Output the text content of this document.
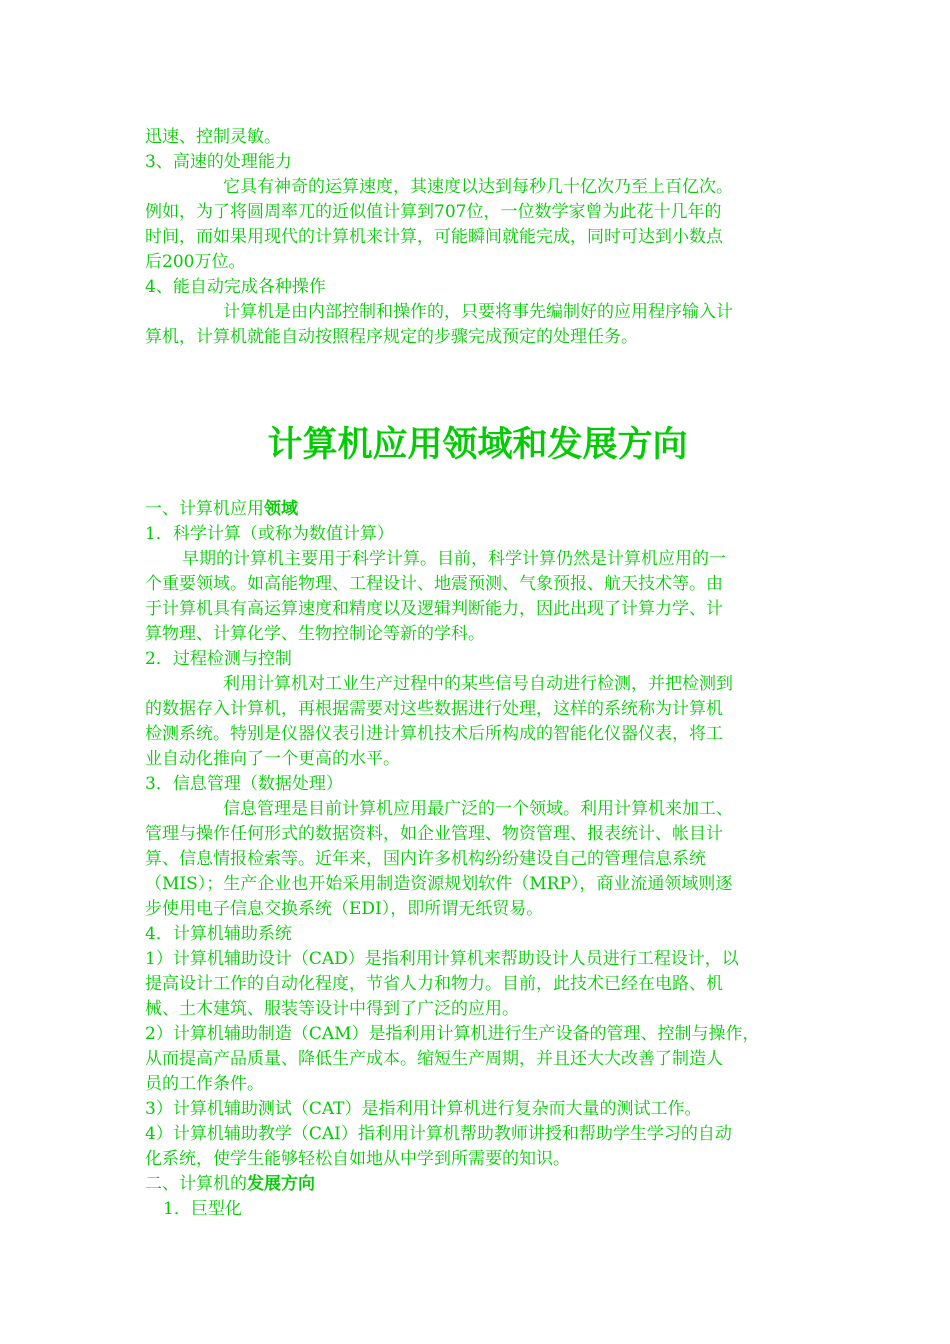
迅速、控制灵敏。
3、高速的处理能力
它具有神奇的运算速度，其速度以达到每秒几十亿次乃至上百亿次。
例如，为了将圆周率兀的近似值计算到707位，一位数学家曾为此花十几年的
时间，而如果用现代的计算机来计算，可能瞬间就能完成，同时可达到小数点
后200万位。
4、能自动完成各种操作
计算机是由内部控制和操作的，只要将事先编制好的应用程序输入计
算机，计算机就能自动按照程序规定的步骤完成预定的处理任务。
计算机应用领域和发展方向
一、计算机应用领域
1．科学计算（或称为数值计算）
早期的计算机主要用于科学计算。目前，科学计算仍然是计算机应用的一
个重要领域。如高能物理、工程设计、地震预测、气象预报、航天技术等。由
于计算机具有高运算速度和精度以及逻辑判断能力，因此出现了计算力学、计
算物理、计算化学、生物控制论等新的学科。
2．过程检测与控制
利用计算机对工业生产过程中的某些信号自动进行检测，并把检测到
的数据存入计算机，再根据需要对这些数据进行处理，这样的系统称为计算机
检测系统。特别是仪器仪表引进计算机技术后所构成的智能化仪器仪表，将工
业自动化推向了一个更高的水平。
3．信息管理（数据处理）
信息管理是目前计算机应用最广泛的一个领域。利用计算机来加工、
管理与操作任何形式的数据资料，如企业管理、物资管理、报表统计、帐目计
算、信息情报检索等。近年来，国内许多机构纷纷建设自己的管理信息系统
（MIS）；生产企业也开始采用制造资源规划软件（MRP），商业流通领域则逐
步使用电子信息交换系统（EDI），即所谓无纸贸易。
4．计算机辅助系统
1）计算机辅助设计（CAD）是指利用计算机来帮助设计人员进行工程设计，以
提高设计工作的自动化程度，节省人力和物力。目前，此技术已经在电路、机
械、土木建筑、服装等设计中得到了广泛的应用。
2）计算机辅助制造（CAM）是指利用计算机进行生产设备的管理、控制与操作，
从而提高产品质量、降低生产成本。缩短生产周期，并且还大大改善了制造人
员的工作条件。
3）计算机辅助测试（CAT）是指利用计算机进行复杂而大量的测试工作。
4）计算机辅助教学（CAI）指利用计算机帮助教师讲授和帮助学生学习的自动
化系统，使学生能够轻松自如地从中学到所需要的知识。
二、计算机的发展方向
1．巨型化
